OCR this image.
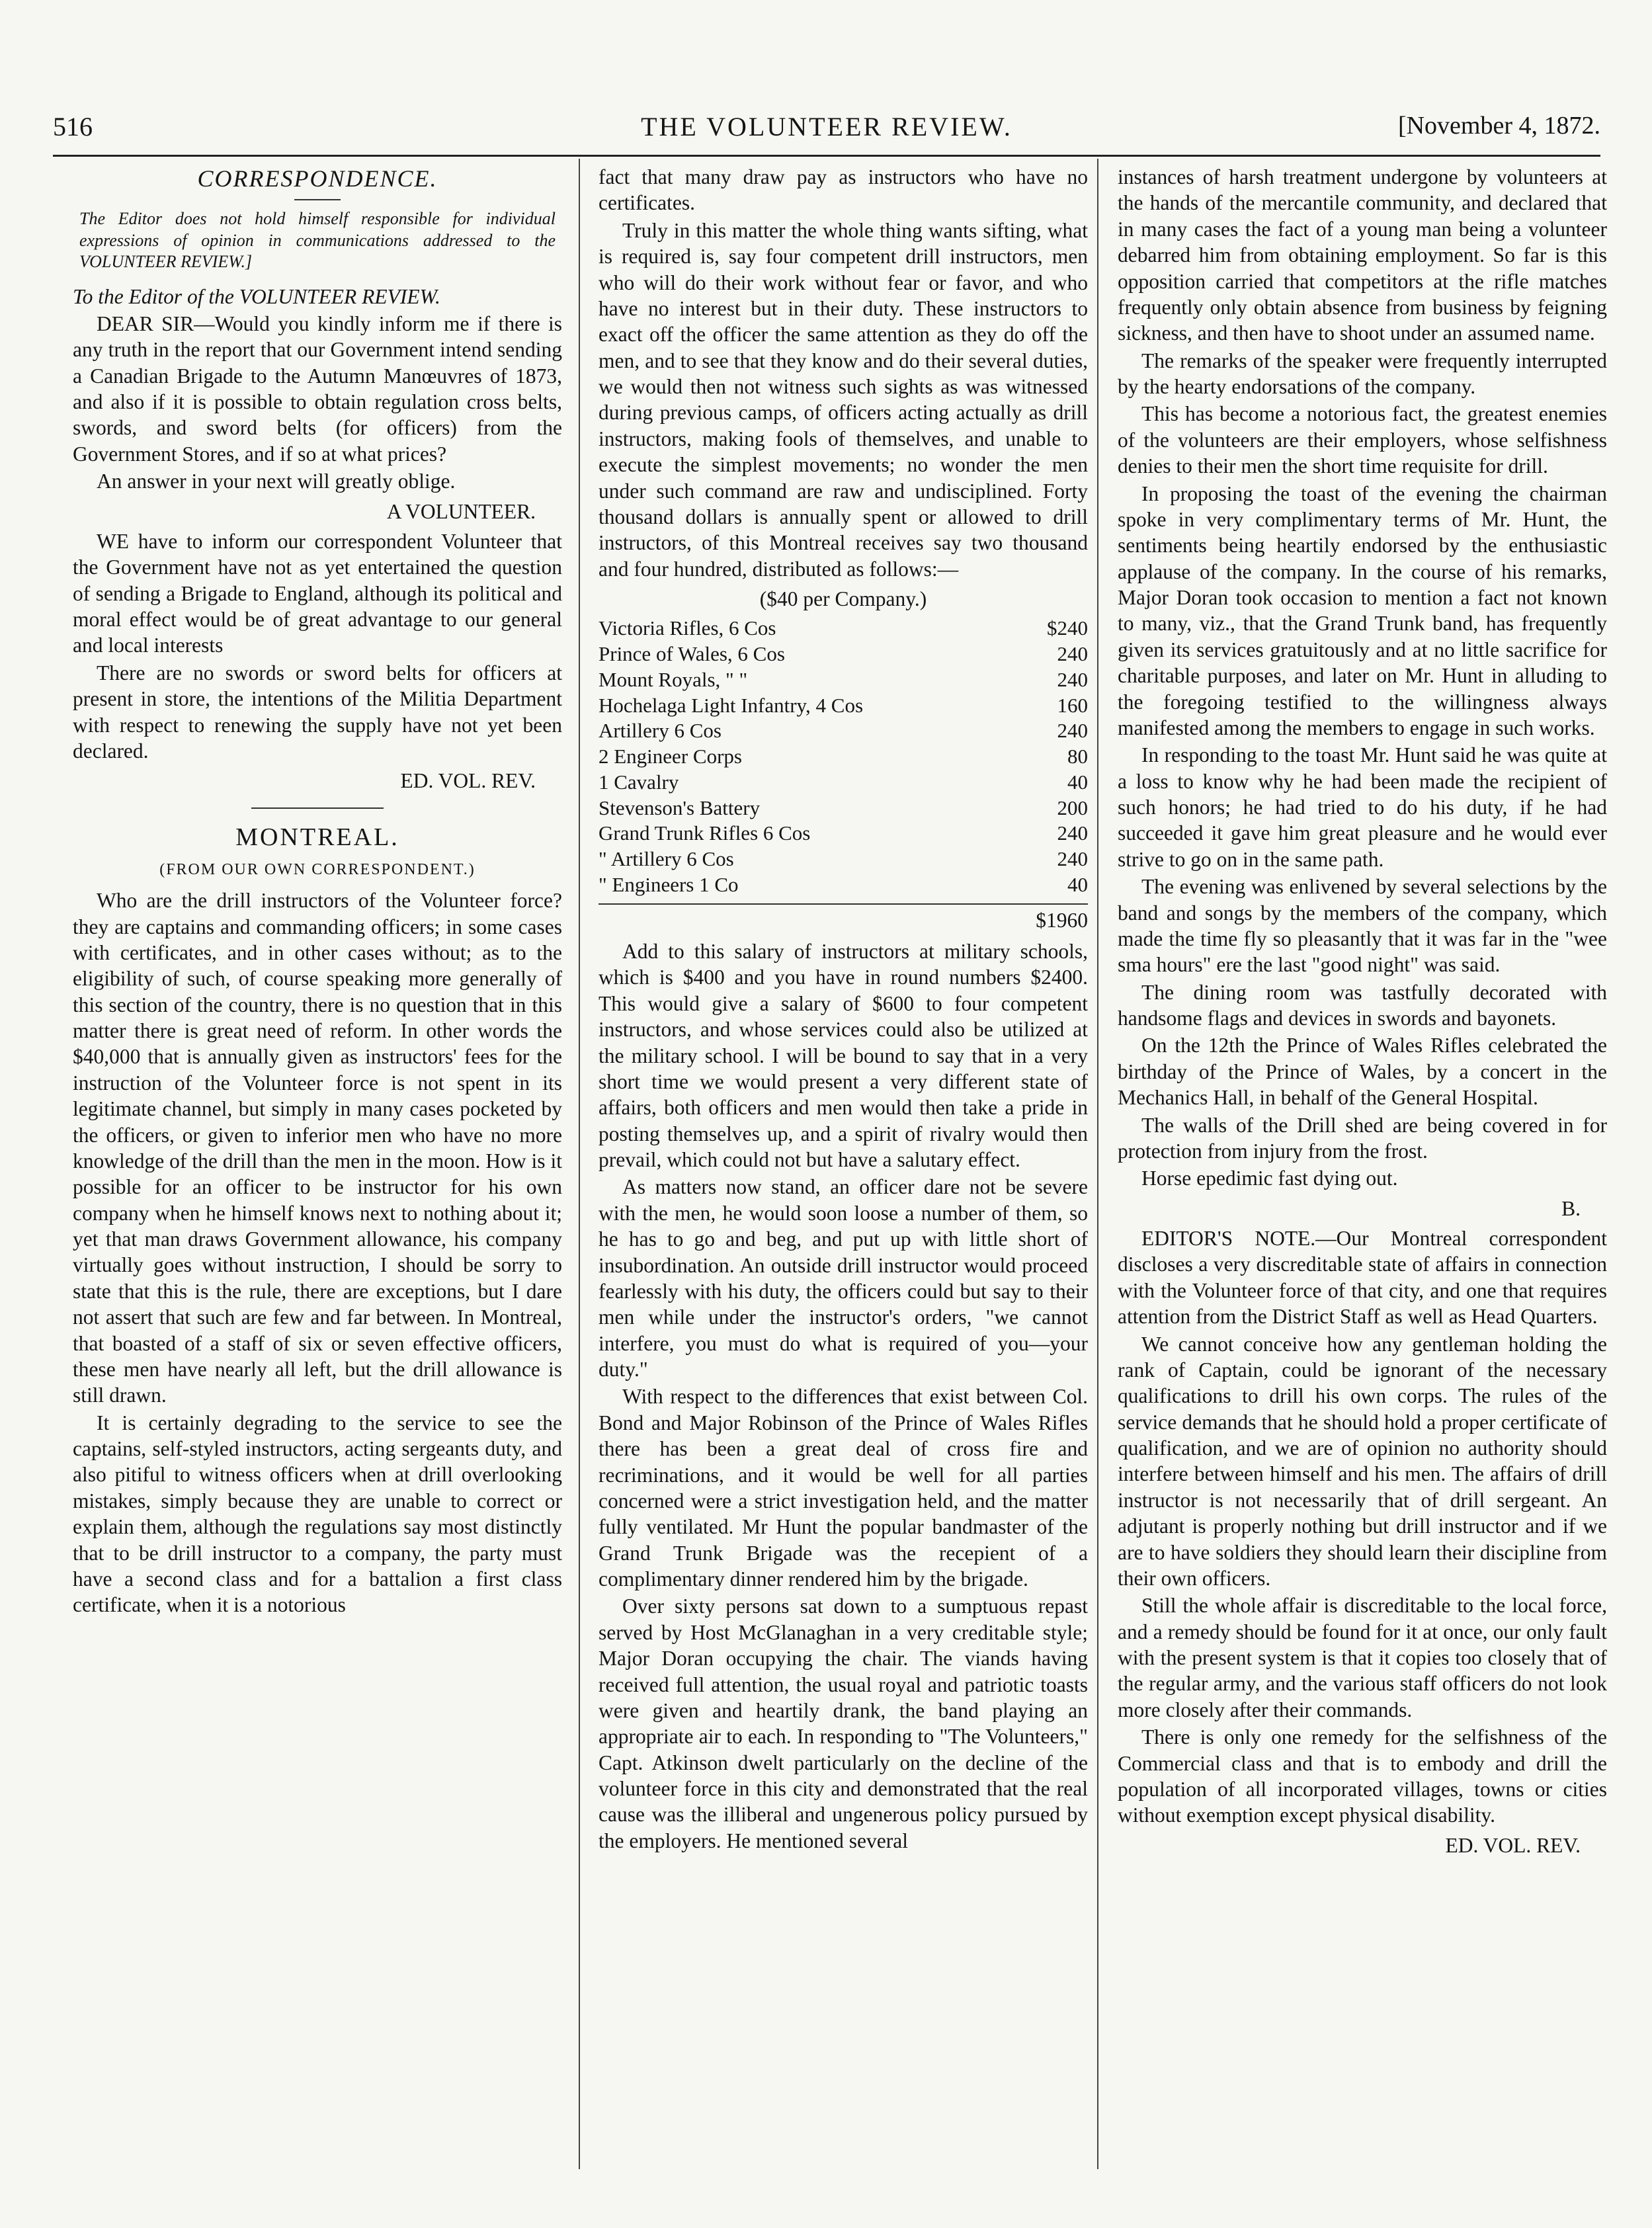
516	THE VOLUNTEER REVIEW.	[November 4, 1872.
CORRESPONDENCE.
The Editor does not hold himself responsible for individual expressions of opinion in communications addressed to the VOLUNTEER REVIEW.]

To the Editor of the VOLUNTEER REVIEW.

DEAR SIR—Would you kindly inform me if there is any truth in the report that our Government intend sending a Canadian Brigade to the Autumn Manœuvres of 1873, and also if it is possible to obtain regulation cross belts, swords, and sword belts (for officers) from the Government Stores, and if so at what prices?

An answer in your next will greatly oblige.

A VOLUNTEER.

WE have to inform our correspondent Volunteer that the Government have not as yet entertained the question of sending a Brigade to England, although its political and moral effect would be of great advantage to our general and local interests

There are no swords or sword belts for officers at present in store, the intentions of the Militia Department with respect to renewing the supply have not yet been declared.

ED. VOL. REV.
MONTREAL.
(FROM OUR OWN CORRESPONDENT.)

Who are the drill instructors of the Volunteer force? they are captains and commanding officers; in some cases with certificates, and in other cases without; as to the eligibility of such, of course speaking more generally of this section of the country, there is no question that in this matter there is great need of reform. In other words the $40,000 that is annually given as instructors' fees for the instruction of the Volunteer force is not spent in its legitimate channel, but simply in many cases pocketed by the officers, or given to inferior men who have no more knowledge of the drill than the men in the moon. How is it possible for an officer to be instructor for his own company when he himself knows next to nothing about it; yet that man draws Government allowance, his company virtually goes without instruction, I should be sorry to state that this is the rule, there are exceptions, but I dare not assert that such are few and far between. In Montreal, that boasted of a staff of six or seven effective officers, these men have nearly all left, but the drill allowance is still drawn.

It is certainly degrading to the service to see the captains, self-styled instructors, acting sergeants duty, and also pitiful to witness officers when at drill overlooking mistakes, simply because they are unable to correct or explain them, although the regulations say most distinctly that to be drill instructor to a company, the party must have a second class and for a battalion a first class certificate, when it is a notorious

fact that many draw pay as instructors who have no certificates.

Truly in this matter the whole thing wants sifting, what is required is, say four competent drill instructors, men who will do their work without fear or favor, and who have no interest but in their duty. These instructors to exact off the officer the same attention as they do off the men, and to see that they know and do their several duties, we would then not witness such sights as was witnessed during previous camps, of officers acting actually as drill instructors, making fools of themselves, and unable to execute the simplest movements; no wonder the men under such command are raw and undisciplined. Forty thousand dollars is annually spent or allowed to drill instructors, of this Montreal receives say two thousand and four hundred, distributed as follows:—

($40 per Company.)
Victoria Rifles, 6 Cos	$240
Prince of Wales, 6 Cos	240
Mount Royals, " "	240
Hochelaga Light Infantry, 4 Cos	160
Artillery 6 Cos	240
2 Engineer Corps	80
1 Cavalry	40
Stevenson's Battery	200
Grand Trunk Rifles 6 Cos	240
" Artillery 6 Cos	240
" Engineers 1 Co	40
$1960

Add to this salary of instructors at military schools, which is $400 and you have in round numbers $2400. This would give a salary of $600 to four competent instructors, and whose services could also be utilized at the military school. I will be bound to say that in a very short time we would present a very different state of affairs, both officers and men would then take a pride in posting themselves up, and a spirit of rivalry would then prevail, which could not but have a salutary effect.

As matters now stand, an officer dare not be severe with the men, he would soon loose a number of them, so he has to go and beg, and put up with little short of insubordination. An outside drill instructor would proceed fearlessly with his duty, the officers could but say to their men while under the instructor's orders, "we cannot interfere, you must do what is required of you—your duty."

With respect to the differences that exist between Col. Bond and Major Robinson of the Prince of Wales Rifles there has been a great deal of cross fire and recriminations, and it would be well for all parties concerned were a strict investigation held, and the matter fully ventilated. Mr Hunt the popular bandmaster of the Grand Trunk Brigade was the recepient of a complimentary dinner rendered him by the brigade.

Over sixty persons sat down to a sumptuous repast served by Host McGlanaghan in a very creditable style; Major Doran occupying the chair. The viands having received full attention, the usual royal and patriotic toasts were given and heartily drank, the band playing an appropriate air to each. In responding to "The Volunteers," Capt. Atkinson dwelt particularly on the decline of the volunteer force in this city and demonstrated that the real cause was the illiberal and ungenerous policy pursued by the employers. He mentioned several

instances of harsh treatment undergone by volunteers at the hands of the mercantile community, and declared that in many cases the fact of a young man being a volunteer debarred him from obtaining employment. So far is this opposition carried that competitors at the rifle matches frequently only obtain absence from business by feigning sickness, and then have to shoot under an assumed name.

The remarks of the speaker were frequently interrupted by the hearty endorsations of the company.

This has become a notorious fact, the greatest enemies of the volunteers are their employers, whose selfishness denies to their men the short time requisite for drill.

In proposing the toast of the evening the chairman spoke in very complimentary terms of Mr. Hunt, the sentiments being heartily endorsed by the enthusiastic applause of the company. In the course of his remarks, Major Doran took occasion to mention a fact not known to many, viz., that the Grand Trunk band, has frequently given its services gratuitously and at no little sacrifice for charitable purposes, and later on Mr. Hunt in alluding to the foregoing testified to the willingness always manifested among the members to engage in such works.

In responding to the toast Mr. Hunt said he was quite at a loss to know why he had been made the recipient of such honors; he had tried to do his duty, if he had succeeded it gave him great pleasure and he would ever strive to go on in the same path.

The evening was enlivened by several selections by the band and songs by the members of the company, which made the time fly so pleasantly that it was far in the "wee sma hours" ere the last "good night" was said.

The dining room was tastfully decorated with handsome flags and devices in swords and bayonets.

On the 12th the Prince of Wales Rifles celebrated the birthday of the Prince of Wales, by a concert in the Mechanics Hall, in behalf of the General Hospital.

The walls of the Drill shed are being covered in for protection from injury from the frost.

Horse epedimic fast dying out.

B.

EDITOR'S NOTE.—Our Montreal correspondent discloses a very discreditable state of affairs in connection with the Volunteer force of that city, and one that requires attention from the District Staff as well as Head Quarters.

We cannot conceive how any gentleman holding the rank of Captain, could be ignorant of the necessary qualifications to drill his own corps. The rules of the service demands that he should hold a proper certificate of qualification, and we are of opinion no authority should interfere between himself and his men. The affairs of drill instructor is not necessarily that of drill sergeant. An adjutant is properly nothing but drill instructor and if we are to have soldiers they should learn their discipline from their own officers.

Still the whole affair is discreditable to the local force, and a remedy should be found for it at once, our only fault with the present system is that it copies too closely that of the regular army, and the various staff officers do not look more closely after their commands.

There is only one remedy for the selfishness of the Commercial class and that is to embody and drill the population of all incorporated villages, towns or cities without exemption except physical disability.

ED. VOL. REV.
